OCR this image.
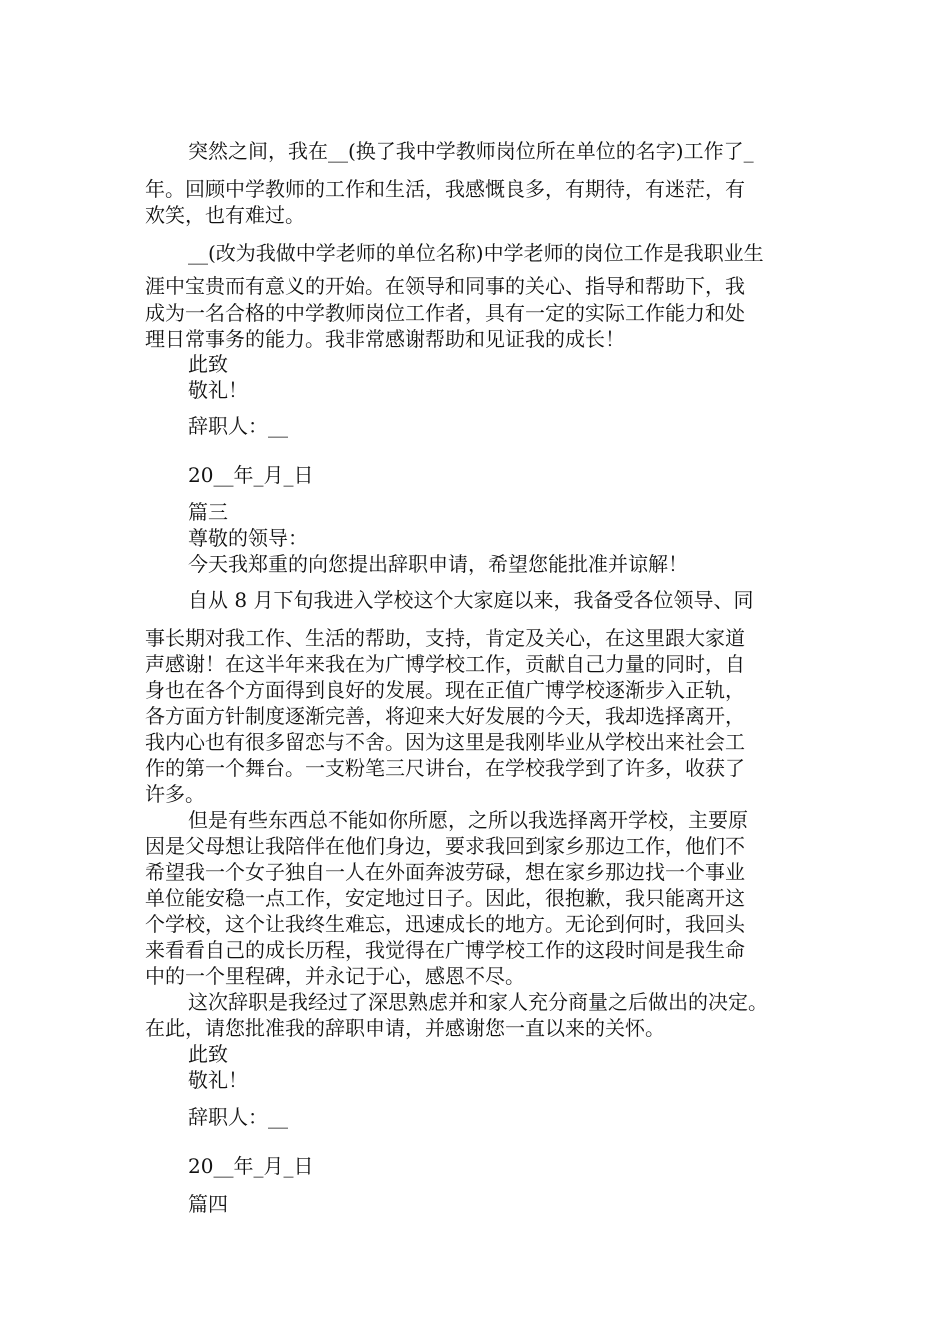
突然之间，我在__(换了我中学教师岗位所在单位的名字)工作了_
年。回顾中学教师的工作和生活，我感慨良多，有期待，有迷茫，有
欢笑，也有难过。
__(改为我做中学老师的单位名称)中学老师的岗位工作是我职业生
涯中宝贵而有意义的开始。在领导和同事的关心、指导和帮助下，我
成为一名合格的中学教师岗位工作者，具有一定的实际工作能力和处
理日常事务的能力。我非常感谢帮助和见证我的成长！
此致
敬礼！
辞职人：__
20__年_月_日
篇三
尊敬的领导：
今天我郑重的向您提出辞职申请，希望您能批准并谅解！
自从 8 月下旬我进入学校这个大家庭以来，我备受各位领导、同
事长期对我工作、生活的帮助，支持，肯定及关心，在这里跟大家道
声感谢！在这半年来我在为广博学校工作，贡献自己力量的同时，自
身也在各个方面得到良好的发展。现在正值广博学校逐渐步入正轨，
各方面方针制度逐渐完善，将迎来大好发展的今天，我却选择离开，
我内心也有很多留恋与不舍。因为这里是我刚毕业从学校出来社会工
作的第一个舞台。一支粉笔三尺讲台，在学校我学到了许多，收获了
许多。
但是有些东西总不能如你所愿，之所以我选择离开学校，主要原
因是父母想让我陪伴在他们身边，要求我回到家乡那边工作，他们不
希望我一个女子独自一人在外面奔波劳碌，想在家乡那边找一个事业
单位能安稳一点工作，安定地过日子。因此，很抱歉，我只能离开这
个学校，这个让我终生难忘，迅速成长的地方。无论到何时，我回头
来看看自己的成长历程，我觉得在广博学校工作的这段时间是我生命
中的一个里程碑，并永记于心，感恩不尽。
这次辞职是我经过了深思熟虑并和家人充分商量之后做出的决定。
在此，请您批准我的辞职申请，并感谢您一直以来的关怀。
此致
敬礼！
辞职人：__
20__年_月_日
篇四
